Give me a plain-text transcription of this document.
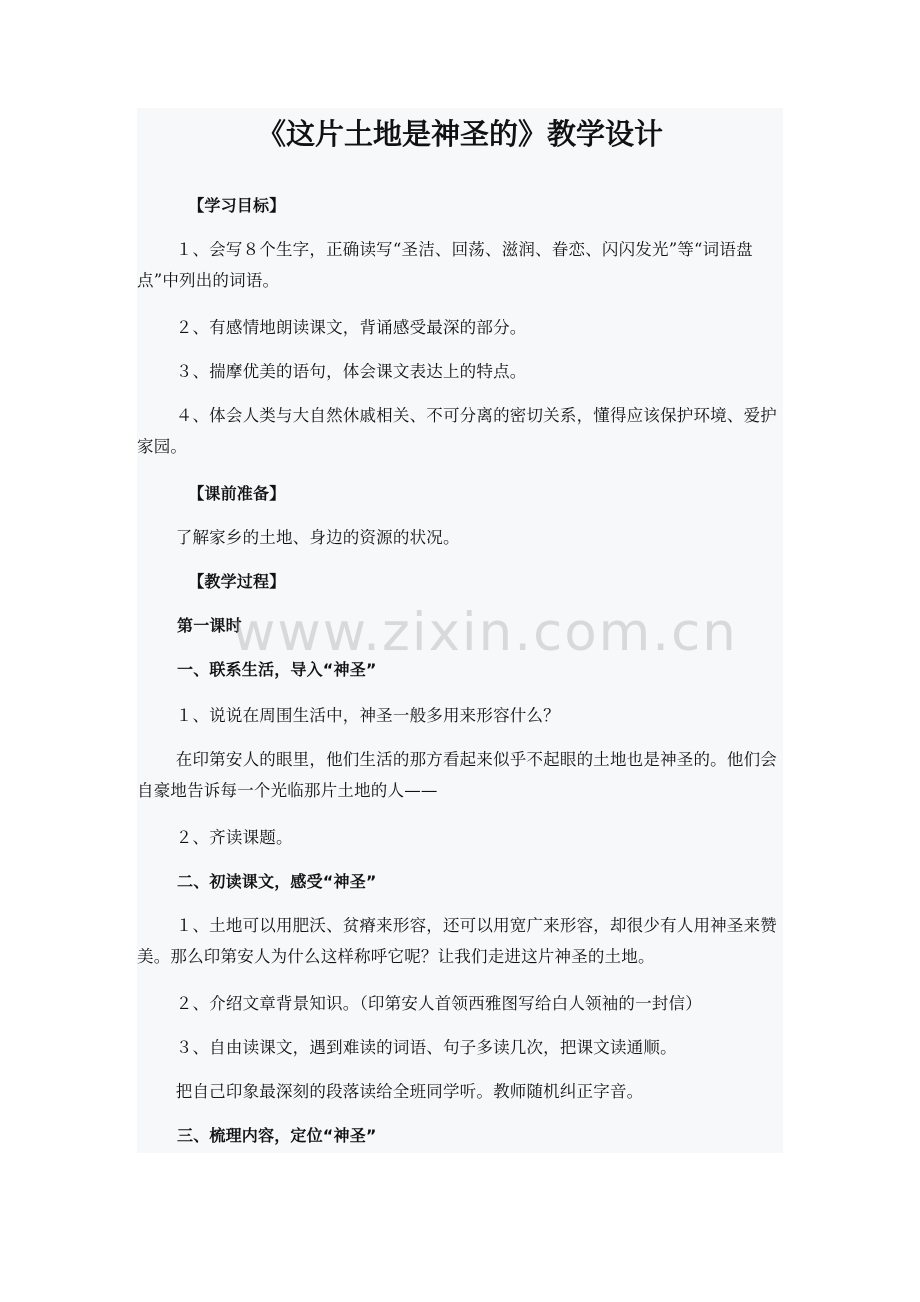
《这片土地是神圣的》教学设计

【学习目标】

１、会写８个生字，正确读写“圣洁、回荡、滋润、眷恋、闪闪发光”等“词语盘点”中列出的词语。

２、有感情地朗读课文，背诵感受最深的部分。

３、揣摩优美的语句，体会课文表达上的特点。

４、体会人类与大自然休戚相关、不可分离的密切关系，懂得应该保护环境、爱护家园。

【课前准备】

了解家乡的土地、身边的资源的状况。

【教学过程】

第一课时

一、联系生活，导入“神圣”

１、说说在周围生活中，神圣一般多用来形容什么？

在印第安人的眼里，他们生活的那方看起来似乎不起眼的土地也是神圣的。他们会自豪地告诉每一个光临那片土地的人——

２、齐读课题。

二、初读课文，感受“神圣”

１、土地可以用肥沃、贫瘠来形容，还可以用宽广来形容，却很少有人用神圣来赞美。那么印第安人为什么这样称呼它呢？让我们走进这片神圣的土地。

２、介绍文章背景知识。（印第安人首领西雅图写给白人领袖的一封信）

３、自由读课文，遇到难读的词语、句子多读几次，把课文读通顺。

把自己印象最深刻的段落读给全班同学听。教师随机纠正字音。

三、梳理内容，定位“神圣”

www.zixin.com.cn
